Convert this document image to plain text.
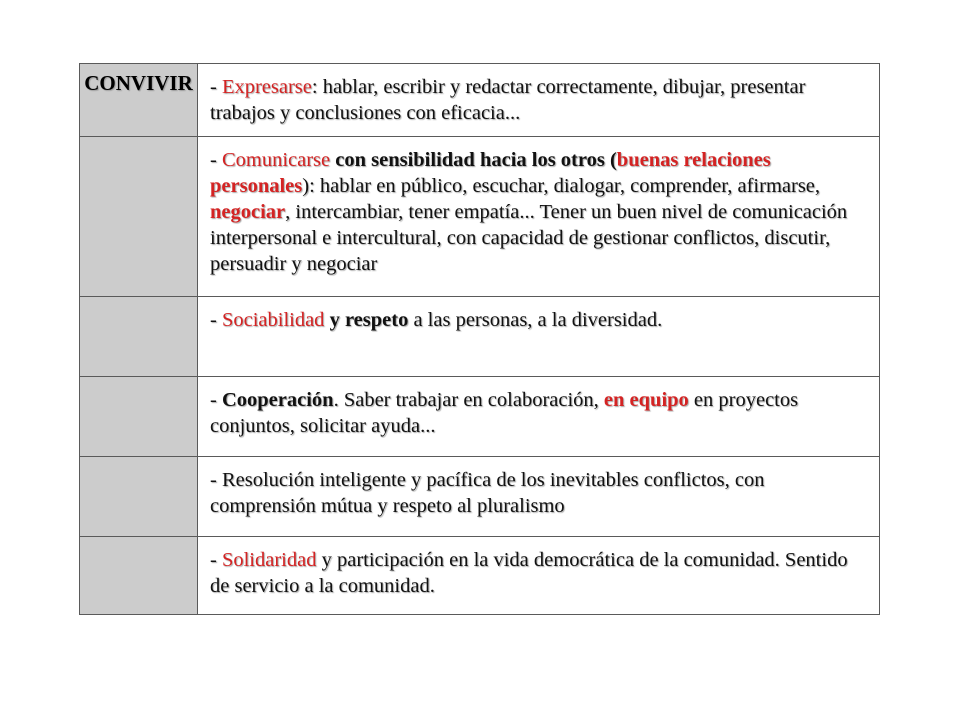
CONVIVIR	- Expresarse: hablar, escribir y redactar correctamente, dibujar, presentar trabajos y conclusiones con eficacia...

	- Comunicarse con sensibilidad hacia los otros (buenas relaciones personales): hablar en público, escuchar, dialogar, comprender, afirmarse, negociar, intercambiar, tener empatía... Tener un buen nivel de comunicación interpersonal e intercultural, con capacidad de gestionar conflictos, discutir, persuadir y negociar

	- Sociabilidad y respeto a las personas, a la diversidad.

	- Cooperación. Saber trabajar en colaboración, en equipo en proyectos conjuntos, solicitar ayuda...

	- Resolución inteligente y pacífica de los inevitables conflictos, con comprensión mútua y respeto al pluralismo

	- Solidaridad y participación en la vida democrática de la comunidad. Sentido de servicio a la comunidad.
